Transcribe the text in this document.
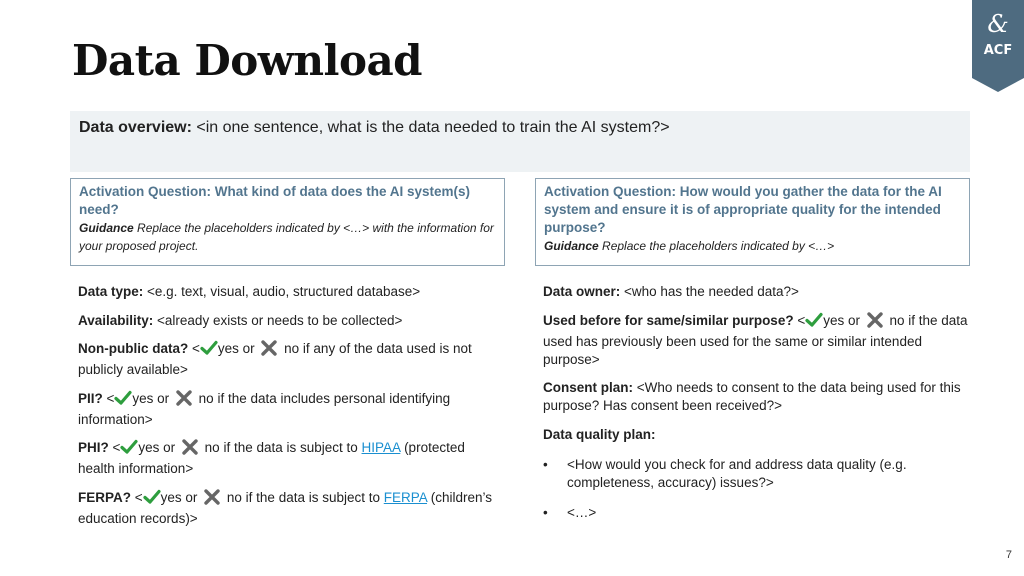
Data Download
&
ACF
Data overview: <in one sentence, what is the data needed to train the AI system?>
Activation Question: What kind of data does the AI system(s) need?
Guidance Replace the placeholders indicated by <…> with the information for your proposed project.
Activation Question: How would you gather the data for the AI system and ensure it is of appropriate quality for the intended purpose?
Guidance Replace the placeholders indicated by <…>
Data type: <e.g. text, visual, audio, structured database>
Availability: <already exists or needs to be collected>
Non-public data? < yes or  no if any of the data used is not publicly available>
PII? < yes or  no if the data includes personal identifying information>
PHI? < yes or  no if the data is subject to HIPAA (protected health information>
FERPA? < yes or  no if the data is subject to FERPA (children’s education records)>
Data owner: <who has the needed data?>
Used before for same/similar purpose? < yes or  no if the data used has previously been used for the same or similar intended purpose>
Consent plan: <Who needs to consent to the data being used for this purpose? Has consent been received?>
Data quality plan:
•	<How would you check for and address data quality (e.g. completeness, accuracy) issues?>
•	<…>
7
